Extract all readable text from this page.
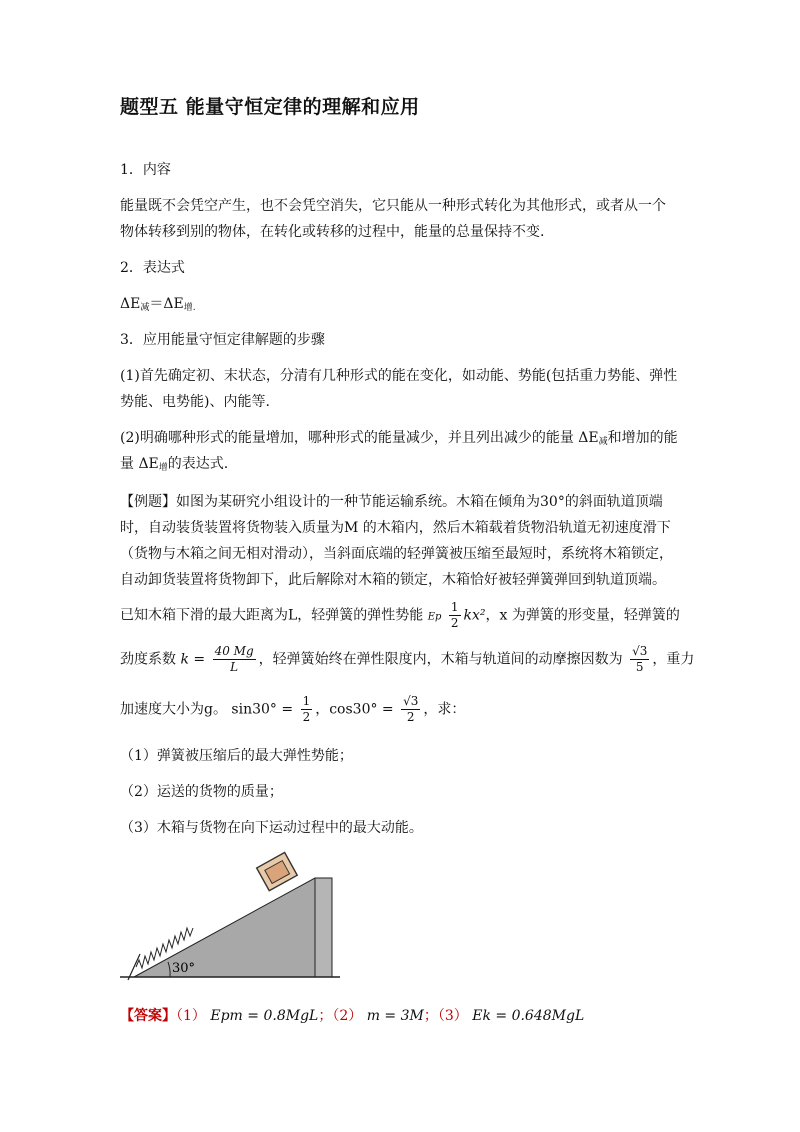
题型五 能量守恒定律的理解和应用
1．内容
能量既不会凭空产生，也不会凭空消失，它只能从一种形式转化为其他形式，或者从一个
物体转移到别的物体，在转化或转移的过程中，能量的总量保持不变.
2．表达式
$\Delta E_减=\Delta E_{增.}$
3．应用能量守恒定律解题的步骤
(1)首先确定初、末状态，分清有几种形式的能在变化，如动能、势能(包括重力势能、弹性
势能、电势能)、内能等.
(2)明确哪种形式的能量增加，哪种形式的能量减少，并且列出减少的能量 $\Delta E_减$和增加的能
量 $\Delta E_增$的表达式.
【例题】如图为某研究小组设计的一种节能运输系统。木箱在倾角为30°的斜面轨道顶端
时，自动装货装置将货物装入质量为M 的木箱内，然后木箱载着货物沿轨道无初速度滑下
（货物与木箱之间无相对滑动），当斜面底端的轻弹簧被压缩至最短时，系统将木箱锁定，
自动卸货装置将货物卸下，此后解除对木箱的锁定，木箱恰好被轻弹簧弹回到轨道顶端。
已知木箱下滑的最大距离为L，轻弹簧的弹性势能 Ep $\frac{1}{2} kx^2$，x 为弹簧的形变量，轻弹簧的
劲度系数 $k = \frac{40 Mg}{L}$ ，轻弹簧始终在弹性限度内，木箱与轨道间的动摩擦因数为 $\frac{√3}{5}$ ，重力
加速度大小为g。 $\sin 30^\circ = \frac{1}{2}$ ，$\cos 30^\circ = \frac{√3}{2}$ ，求：
（1）弹簧被压缩后的最大弹性势能；
（2）运送的货物的质量；
（3）木箱与货物在向下运动过程中的最大动能。
30°
【答案】（1） Epm = 0.8MgL；（2） m = 3M；（3） Ek = 0.648MgL
